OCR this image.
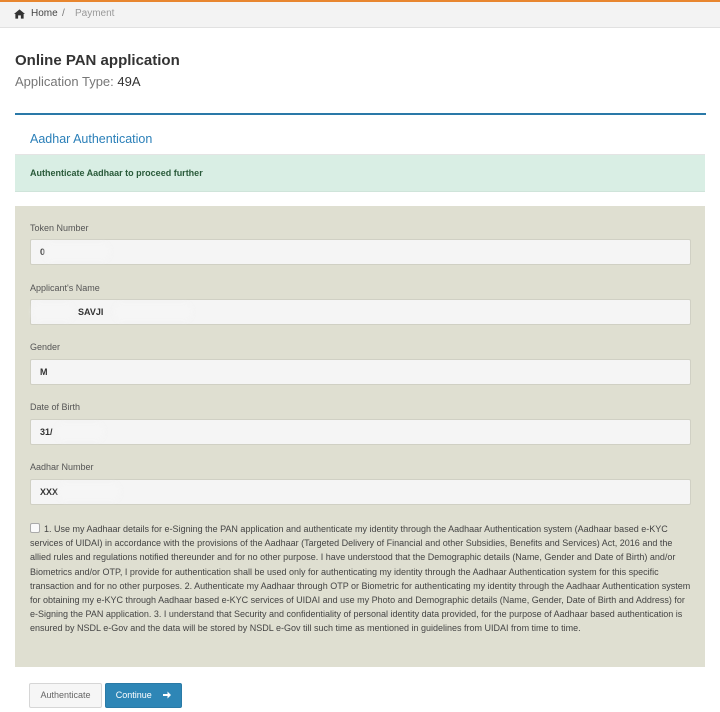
Home / Payment
Online PAN application
Application Type: 49A
Aadhar Authentication
Authenticate Aadhaar to proceed further
Token Number
0
Applicant's Name
SAVJI
Gender
M
Date of Birth
31/
Aadhar Number
XXX
1. Use my Aadhaar details for e-Signing the PAN application and authenticate my identity through the Aadhaar Authentication system (Aadhaar based e-KYC services of UIDAI) in accordance with the provisions of the Aadhaar (Targeted Delivery of Financial and other Subsidies, Benefits and Services) Act, 2016 and the allied rules and regulations notified thereunder and for no other purpose. I have understood that the Demographic details (Name, Gender and Date of Birth) and/or Biometrics and/or OTP, I provide for authentication shall be used only for authenticating my identity through the Aadhaar Authentication system for this specific transaction and for no other purposes. 2. Authenticate my Aadhaar through OTP or Biometric for authenticating my identity through the Aadhaar Authentication system for obtaining my e-KYC through Aadhaar based e-KYC services of UIDAI and use my Photo and Demographic details (Name, Gender, Date of Birth and Address) for e-Signing the PAN application. 3. I understand that Security and confidentiality of personal identity data provided, for the purpose of Aadhaar based authentication is ensured by NSDL e-Gov and the data will be stored by NSDL e-Gov till such time as mentioned in guidelines from UIDAI from time to time.
Authenticate	Continue
